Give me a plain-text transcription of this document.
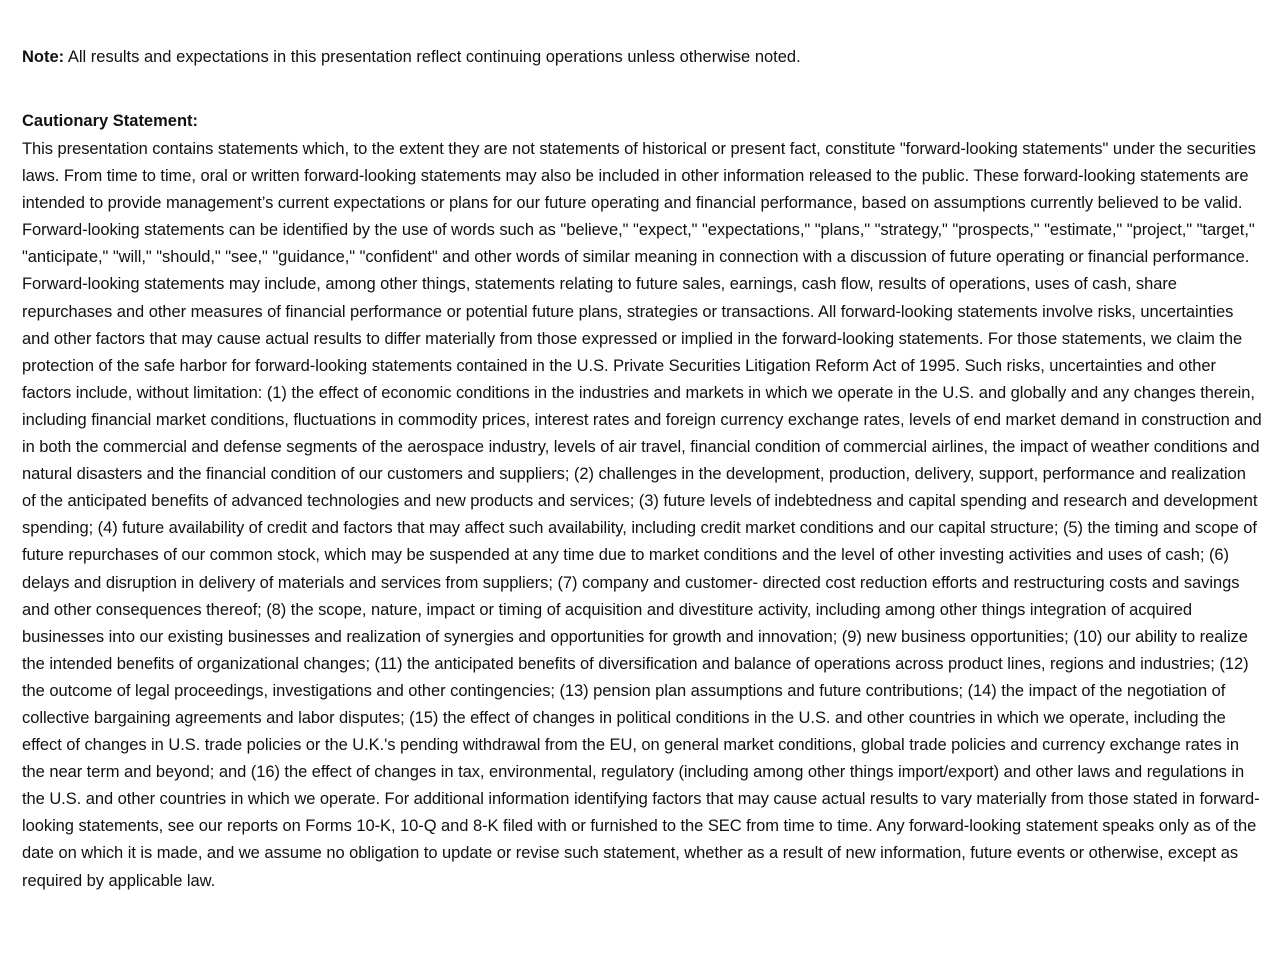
Note: All results and expectations in this presentation reflect continuing operations unless otherwise noted.

Cautionary Statement:

This presentation contains statements which, to the extent they are not statements of historical or present fact, constitute "forward-looking statements" under the securities laws. From time to time, oral or written forward-looking statements may also be included in other information released to the public. These forward-looking statements are intended to provide management’s current expectations or plans for our future operating and financial performance, based on assumptions currently believed to be valid. Forward-looking statements can be identified by the use of words such as "believe," "expect," "expectations," "plans," "strategy," "prospects," "estimate," "project," "target," "anticipate," "will," "should," "see," "guidance," "confident" and other words of similar meaning in connection with a discussion of future operating or financial performance. Forward-looking statements may include, among other things, statements relating to future sales, earnings, cash flow, results of operations, uses of cash, share repurchases and other measures of financial performance or potential future plans, strategies or transactions. All forward-looking statements involve risks, uncertainties and other factors that may cause actual results to differ materially from those expressed or implied in the forward-looking statements. For those statements, we claim the protection of the safe harbor for forward-looking statements contained in the U.S. Private Securities Litigation Reform Act of 1995. Such risks, uncertainties and other factors include, without limitation: (1) the effect of economic conditions in the industries and markets in which we operate in the U.S. and globally and any changes therein, including financial market conditions, fluctuations in commodity prices, interest rates and foreign currency exchange rates, levels of end market demand in construction and in both the commercial and defense segments of the aerospace industry, levels of air travel, financial condition of commercial airlines, the impact of weather conditions and natural disasters and the financial condition of our customers and suppliers; (2) challenges in the development, production, delivery, support, performance and realization of the anticipated benefits of advanced technologies and new products and services; (3) future levels of indebtedness and capital spending and research and development spending; (4) future availability of credit and factors that may affect such availability, including credit market conditions and our capital structure; (5) the timing and scope of future repurchases of our common stock, which may be suspended at any time due to market conditions and the level of other investing activities and uses of cash; (6) delays and disruption in delivery of materials and services from suppliers; (7) company and customer- directed cost reduction efforts and restructuring costs and savings and other consequences thereof; (8) the scope, nature, impact or timing of acquisition and divestiture activity, including among other things integration of acquired businesses into our existing businesses and realization of synergies and opportunities for growth and innovation; (9) new business opportunities; (10) our ability to realize the intended benefits of organizational changes; (11) the anticipated benefits of diversification and balance of operations across product lines, regions and industries; (12) the outcome of legal proceedings, investigations and other contingencies; (13) pension plan assumptions and future contributions; (14) the impact of the negotiation of collective bargaining agreements and labor disputes; (15) the effect of changes in political conditions in the U.S. and other countries in which we operate, including the effect of changes in U.S. trade policies or the U.K.'s pending withdrawal from the EU, on general market conditions, global trade policies and currency exchange rates in the near term and beyond; and (16) the effect of changes in tax, environmental, regulatory (including among other things import/export) and other laws and regulations in the U.S. and other countries in which we operate. For additional information identifying factors that may cause actual results to vary materially from those stated in forward-looking statements, see our reports on Forms 10-K, 10-Q and 8-K filed with or furnished to the SEC from time to time. Any forward-looking statement speaks only as of the date on which it is made, and we assume no obligation to update or revise such statement, whether as a result of new information, future events or otherwise, except as required by applicable law.
